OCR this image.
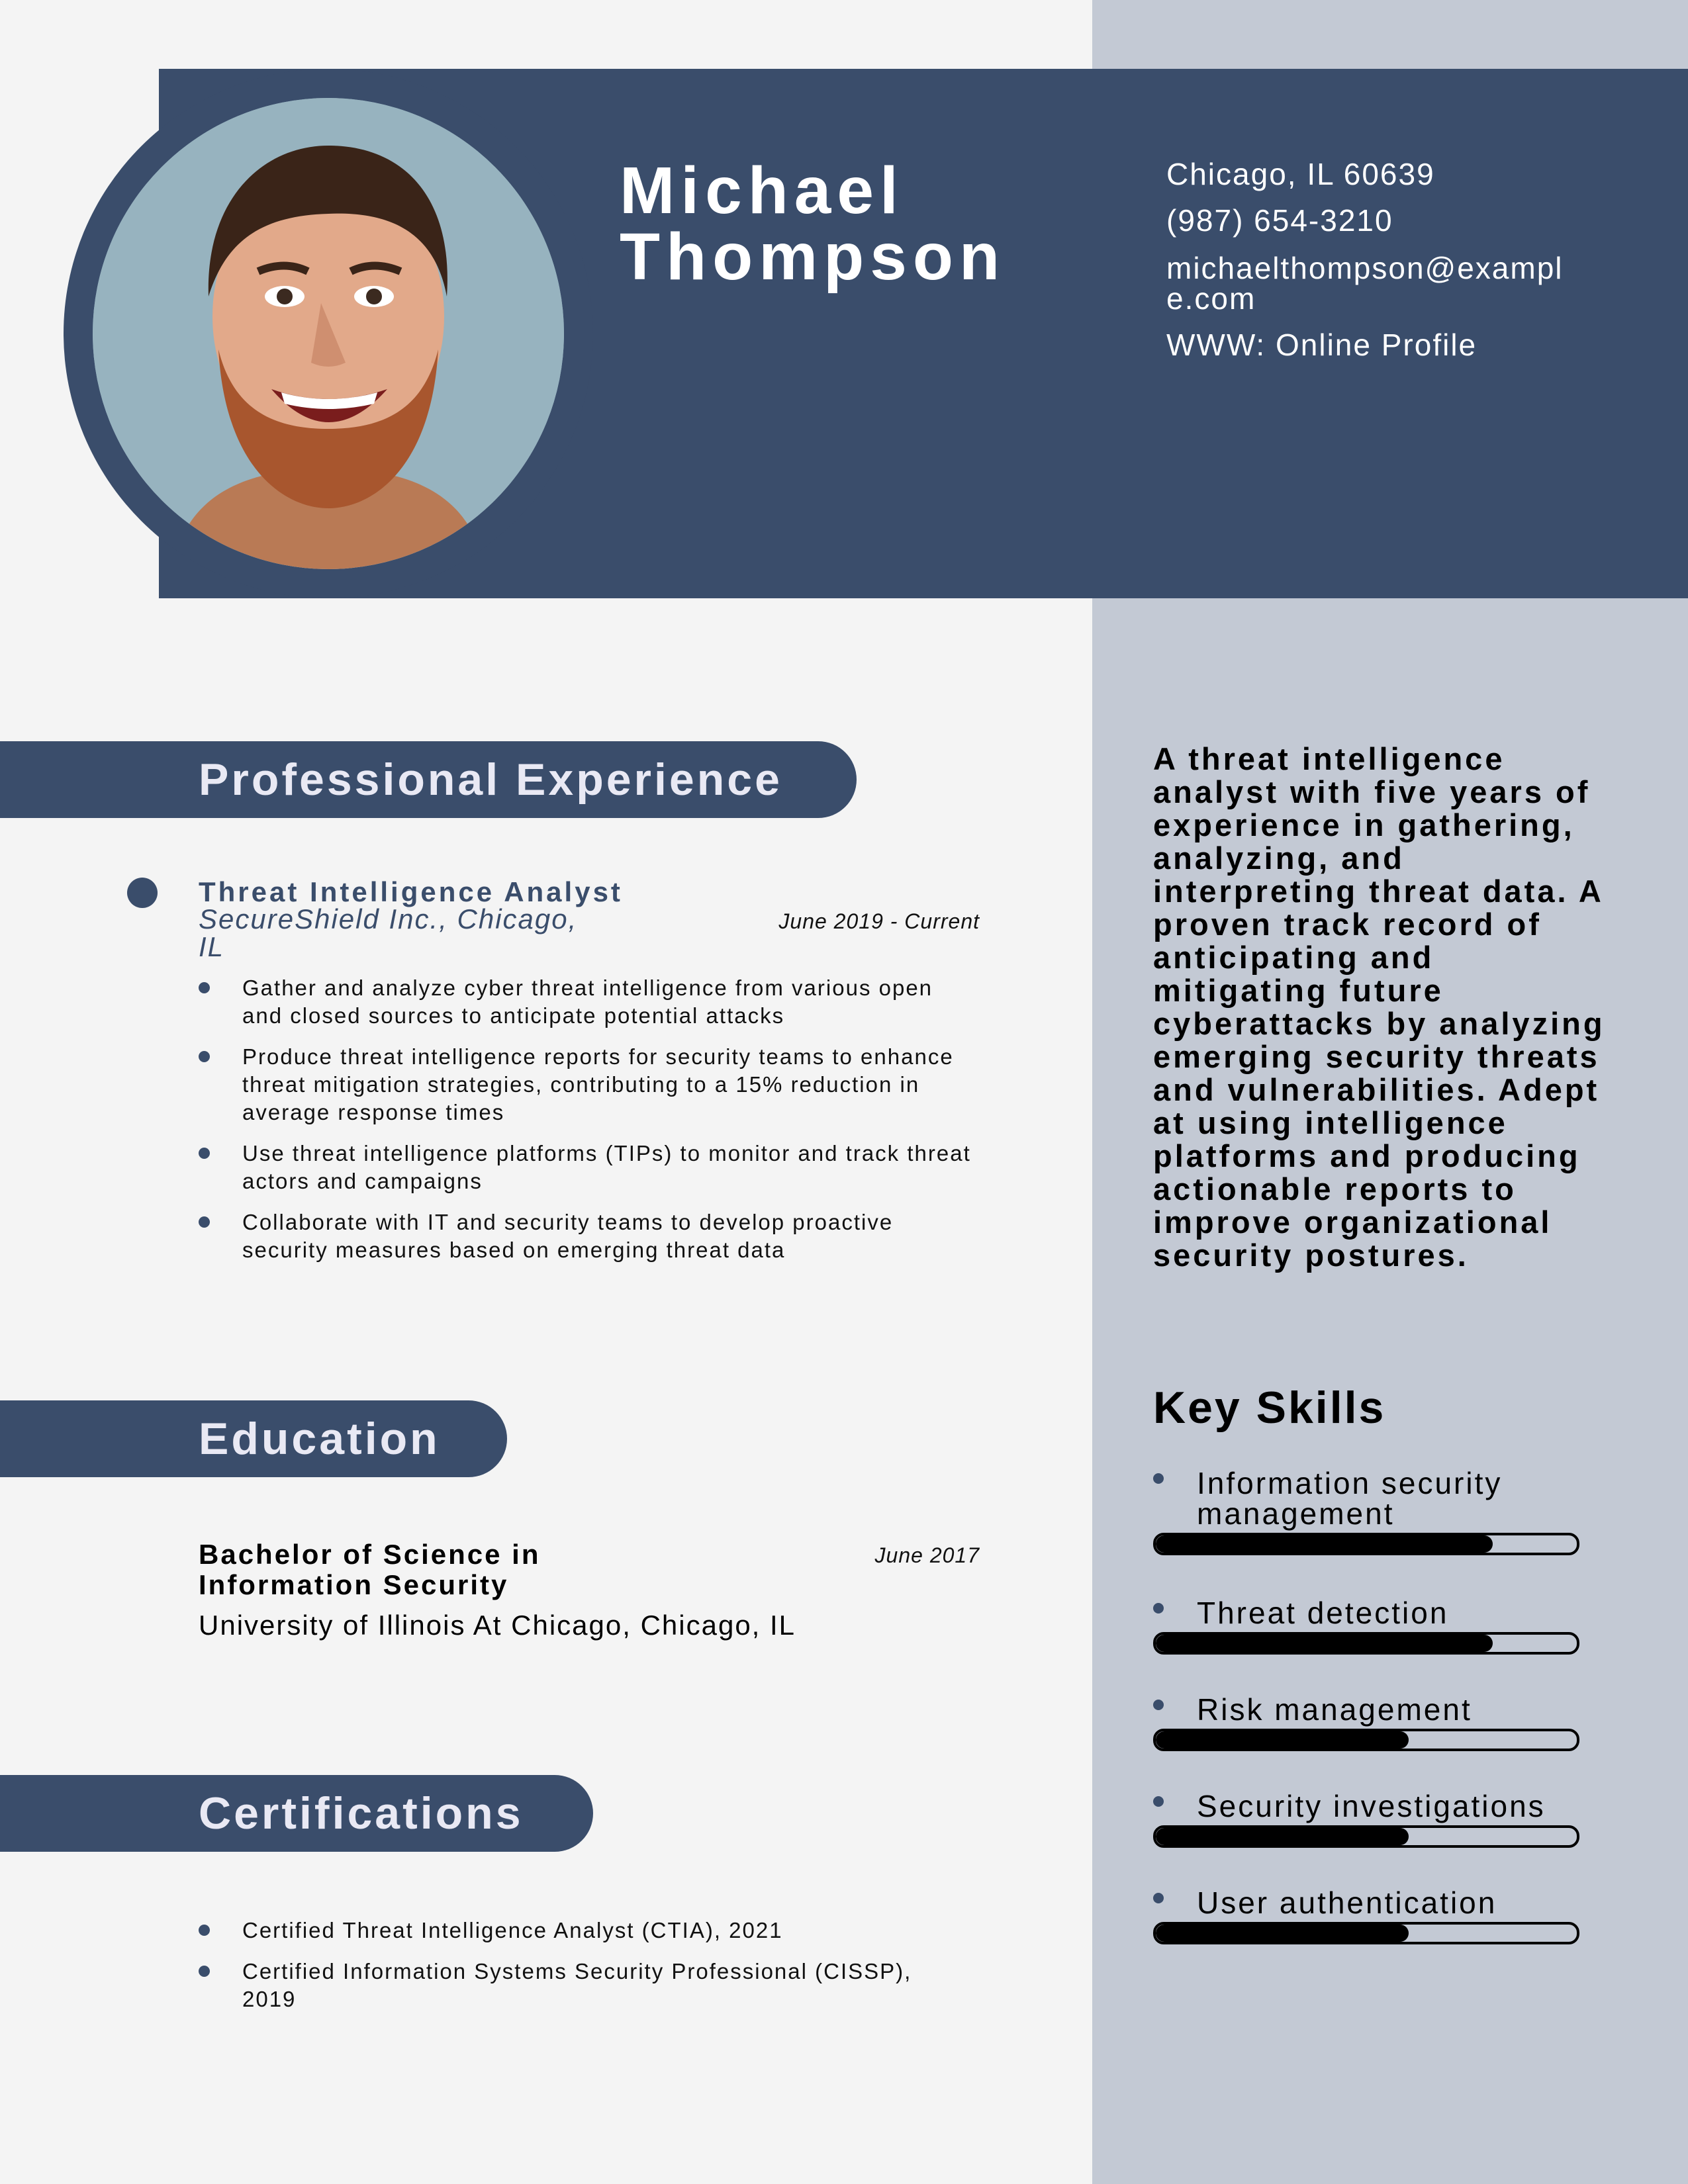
Michael
Thompson
Chicago, IL 60639
(987) 654-3210
michaelthompson@example.com
WWW: Online Profile
Professional Experience
Threat Intelligence Analyst
SecureShield Inc., Chicago, IL
June 2019 - Current
Gather and analyze cyber threat intelligence from various open and closed sources to anticipate potential attacks
Produce threat intelligence reports for security teams to enhance threat mitigation strategies, contributing to a 15% reduction in average response times
Use threat intelligence platforms (TIPs) to monitor and track threat actors and campaigns
Collaborate with IT and security teams to develop proactive security measures based on emerging threat data
Education
Bachelor of Science in Information Security
June 2017
University of Illinois At Chicago, Chicago, IL
Certifications
Certified Threat Intelligence Analyst (CTIA), 2021
Certified Information Systems Security Professional (CISSP), 2019
A threat intelligence analyst with five years of experience in gathering, analyzing, and interpreting threat data. A proven track record of anticipating and mitigating future cyberattacks by analyzing emerging security threats and vulnerabilities. Adept at using intelligence platforms and producing actionable reports to improve organizational security postures.
Key Skills
Information security management
Threat detection
Risk management
Security investigations
User authentication
